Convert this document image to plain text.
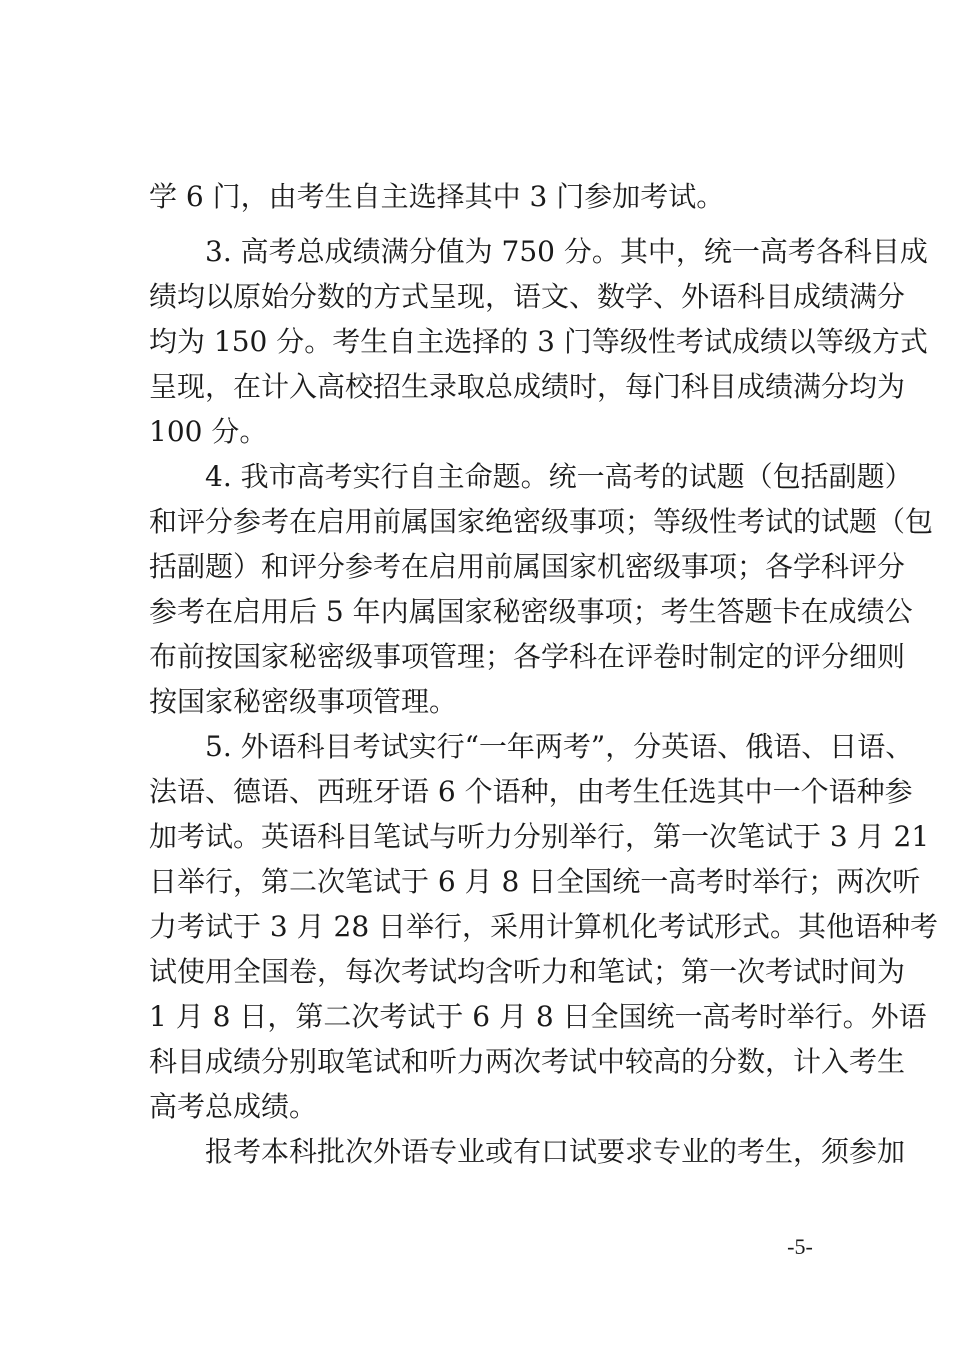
学 6 门，由考生自主选择其中 3 门参加考试。
3. 高考总成绩满分值为 750 分。其中，统一高考各科目成
绩均以原始分数的方式呈现，语文、数学、外语科目成绩满分
均为 150 分。考生自主选择的 3 门等级性考试成绩以等级方式
呈现，在计入高校招生录取总成绩时，每门科目成绩满分均为
100 分。
4. 我市高考实行自主命题。统一高考的试题（包括副题）
和评分参考在启用前属国家绝密级事项；等级性考试的试题（包
括副题）和评分参考在启用前属国家机密级事项；各学科评分
参考在启用后 5 年内属国家秘密级事项；考生答题卡在成绩公
布前按国家秘密级事项管理；各学科在评卷时制定的评分细则
按国家秘密级事项管理。
5. 外语科目考试实行“一年两考”，分英语、俄语、日语、
法语、德语、西班牙语 6 个语种，由考生任选其中一个语种参
加考试。英语科目笔试与听力分别举行，第一次笔试于 3 月 21
日举行，第二次笔试于 6 月 8 日全国统一高考时举行；两次听
力考试于 3 月 28 日举行，采用计算机化考试形式。其他语种考
试使用全国卷，每次考试均含听力和笔试；第一次考试时间为
1 月 8 日，第二次考试于 6 月 8 日全国统一高考时举行。外语
科目成绩分别取笔试和听力两次考试中较高的分数，计入考生
高考总成绩。
报考本科批次外语专业或有口试要求专业的考生，须参加
-5-
